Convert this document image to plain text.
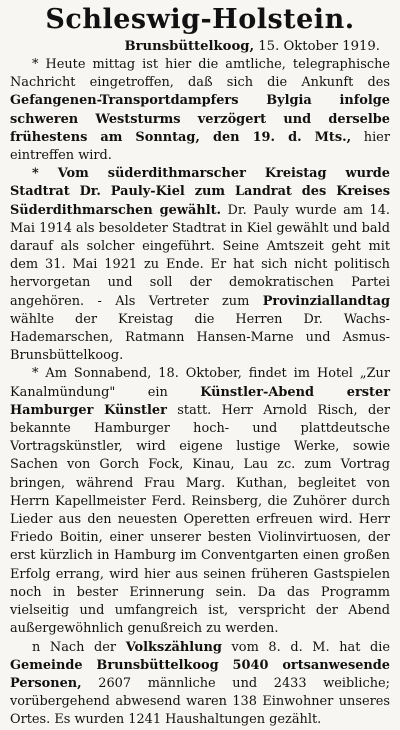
Schleswig-Holstein.
Brunsbüttelkoog, 15. Oktober 1919.

* Heute mittag ist hier die amtliche, telegraphische Nachricht eingetroffen, daß sich die Ankunft des Gefangenen-Transportdampfers Bylgia infolge schweren Weststurms verzögert und derselbe frühestens am Sonntag, den 19. d. Mts., hier eintreffen wird.

* Vom süderdithmarscher Kreistag wurde Stadtrat Dr. Pauly-Kiel zum Landrat des Kreises Süderdithmarschen gewählt. Dr. Pauly wurde am 14. Mai 1914 als besoldeter Stadtrat in Kiel gewählt und bald darauf als solcher eingeführt. Seine Amtszeit geht mit dem 31. Mai 1921 zu Ende. Er hat sich nicht politisch hervorgetan und soll der demokratischen Partei angehören. - Als Vertreter zum Provinziallandtag wählte der Kreistag die Herren Dr. Wachs-Hademarschen, Ratmann Hansen-Marne und Asmus-Brunsbüttelkoog.

* Am Sonnabend, 18. Oktober, findet im Hotel „Zur Kanalmündung" ein Künstler-Abend erster Hamburger Künstler statt. Herr Arnold Risch, der bekannte Hamburger hoch- und plattdeutsche Vortragskünstler, wird eigene lustige Werke, sowie Sachen von Gorch Fock, Kinau, Lau zc. zum Vortrag bringen, während Frau Marg. Kuthan, begleitet von Herrn Kapellmeister Ferd. Reinsberg, die Zuhörer durch Lieder aus den neuesten Operetten erfreuen wird. Herr Friedo Boitin, einer unserer besten Violinvirtuosen, der erst kürzlich in Hamburg im Conventgarten einen großen Erfolg errang, wird hier aus seinen früheren Gastspielen noch in bester Erinnerung sein. Da das Programm vielseitig und umfangreich ist, verspricht der Abend außergewöhnlich genußreich zu werden.

n Nach der Volkszählung vom 8. d. M. hat die Gemeinde Brunsbüttelkoog 5040 ortsanwesende Personen, 2607 männliche und 2433 weibliche; vorübergehend abwesend waren 138 Einwohner unseres Ortes. Es wurden 1241 Haushaltungen gezählt.
